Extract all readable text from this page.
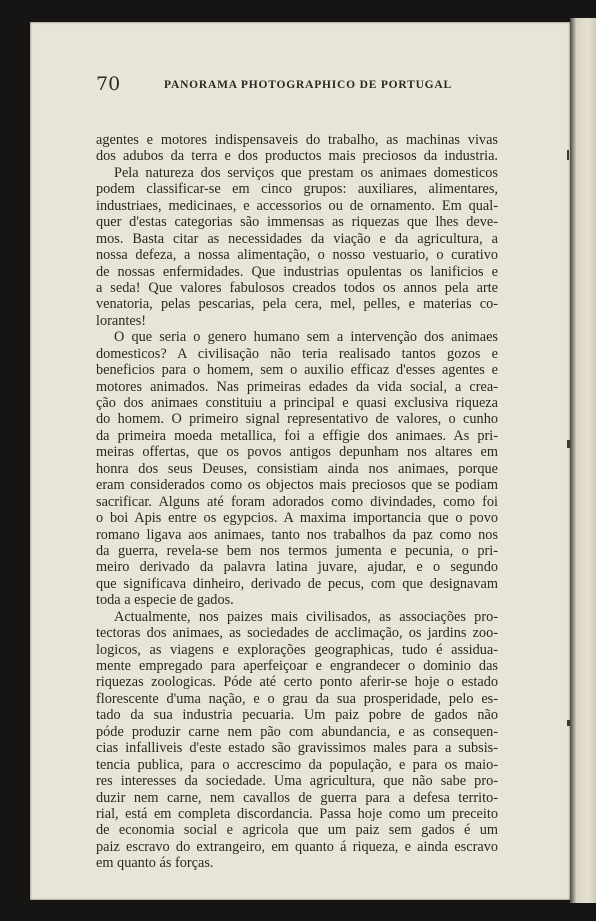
70	PANORAMA PHOTOGRAPHICO DE PORTUGAL
agentes e motores indispensaveis do trabalho, as machinas vivas
dos adubos da terra e dos productos mais preciosos da industria.
Pela natureza dos serviços que prestam os animaes domesticos
podem classificar-se em cinco grupos: auxiliares, alimentares,
industriaes, medicinaes, e accessorios ou de ornamento. Em qual-
quer d'estas categorias são immensas as riquezas que lhes deve-
mos. Basta citar as necessidades da viação e da agricultura, a
nossa defeza, a nossa alimentação, o nosso vestuario, o curativo
de nossas enfermidades. Que industrias opulentas os lanificios e
a seda! Que valores fabulosos creados todos os annos pela arte
venatoria, pelas pescarias, pela cera, mel, pelles, e materias co-
lorantes!
O que seria o genero humano sem a intervenção dos animaes
domesticos? A civilisação não teria realisado tantos gozos e
beneficios para o homem, sem o auxilio efficaz d'esses agentes e
motores animados. Nas primeiras edades da vida social, a crea-
ção dos animaes constituiu a principal e quasi exclusiva riqueza
do homem. O primeiro signal representativo de valores, o cunho
da primeira moeda metallica, foi a effigie dos animaes. As pri-
meiras offertas, que os povos antigos depunham nos altares em
honra dos seus Deuses, consistiam ainda nos animaes, porque
eram considerados como os objectos mais preciosos que se podiam
sacrificar. Alguns até foram adorados como divindades, como foi
o boi Apis entre os egypcios. A maxima importancia que o povo
romano ligava aos animaes, tanto nos trabalhos da paz como nos
da guerra, revela-se bem nos termos jumenta e pecunia, o pri-
meiro derivado da palavra latina juvare, ajudar, e o segundo
que significava dinheiro, derivado de pecus, com que designavam
toda a especie de gados.
Actualmente, nos paizes mais civilisados, as associações pro-
tectoras dos animaes, as sociedades de acclimação, os jardins zoo-
logicos, as viagens e explorações geographicas, tudo é assidua-
mente empregado para aperfeiçoar e engrandecer o dominio das
riquezas zoologicas. Póde até certo ponto aferir-se hoje o estado
florescente d'uma nação, e o grau da sua prosperidade, pelo es-
tado da sua industria pecuaria. Um paiz pobre de gados não
póde produzir carne nem pão com abundancia, e as consequen-
cias infalliveis d'este estado são gravissimos males para a subsis-
tencia publica, para o accrescimo da população, e para os maio-
res interesses da sociedade. Uma agricultura, que não sabe pro-
duzir nem carne, nem cavallos de guerra para a defesa territo-
rial, está em completa discordancia. Passa hoje como um preceito
de economia social e agricola que um paiz sem gados é um
paiz escravo do extrangeiro, em quanto á riqueza, e ainda escravo
em quanto ás forças.
